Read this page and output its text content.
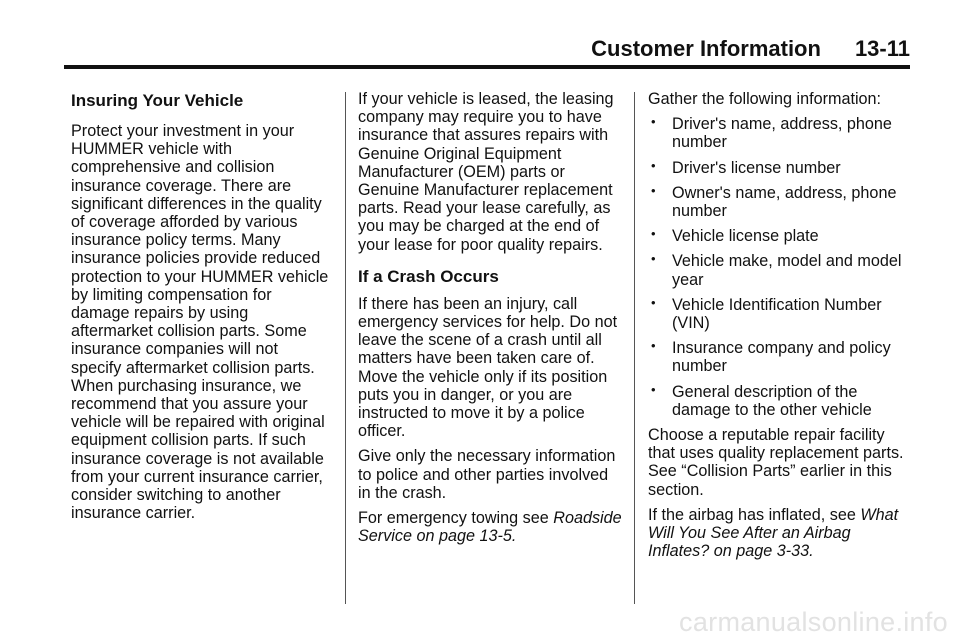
Customer Information 13-11
Insuring Your Vehicle

Protect your investment in your HUMMER vehicle with comprehensive and collision insurance coverage. There are significant differences in the quality of coverage afforded by various insurance policy terms. Many insurance policies provide reduced protection to your HUMMER vehicle by limiting compensation for damage repairs by using aftermarket collision parts. Some insurance companies will not specify aftermarket collision parts. When purchasing insurance, we recommend that you assure your vehicle will be repaired with original equipment collision parts. If such insurance coverage is not available from your current insurance carrier, consider switching to another insurance carrier.

If your vehicle is leased, the leasing company may require you to have insurance that assures repairs with Genuine Original Equipment Manufacturer (OEM) parts or Genuine Manufacturer replacement parts. Read your lease carefully, as you may be charged at the end of your lease for poor quality repairs.

If a Crash Occurs

If there has been an injury, call emergency services for help. Do not leave the scene of a crash until all matters have been taken care of. Move the vehicle only if its position puts you in danger, or you are instructed to move it by a police officer.

Give only the necessary information to police and other parties involved in the crash.

For emergency towing see Roadside Service on page 13-5.

Gather the following information:

• Driver's name, address, phone number
• Driver's license number
• Owner's name, address, phone number
• Vehicle license plate
• Vehicle make, model and model year
• Vehicle Identification Number (VIN)
• Insurance company and policy number
• General description of the damage to the other vehicle

Choose a reputable repair facility that uses quality replacement parts. See “Collision Parts” earlier in this section.

If the airbag has inflated, see What Will You See After an Airbag Inflates? on page 3-33.

carmanualsonline.info
